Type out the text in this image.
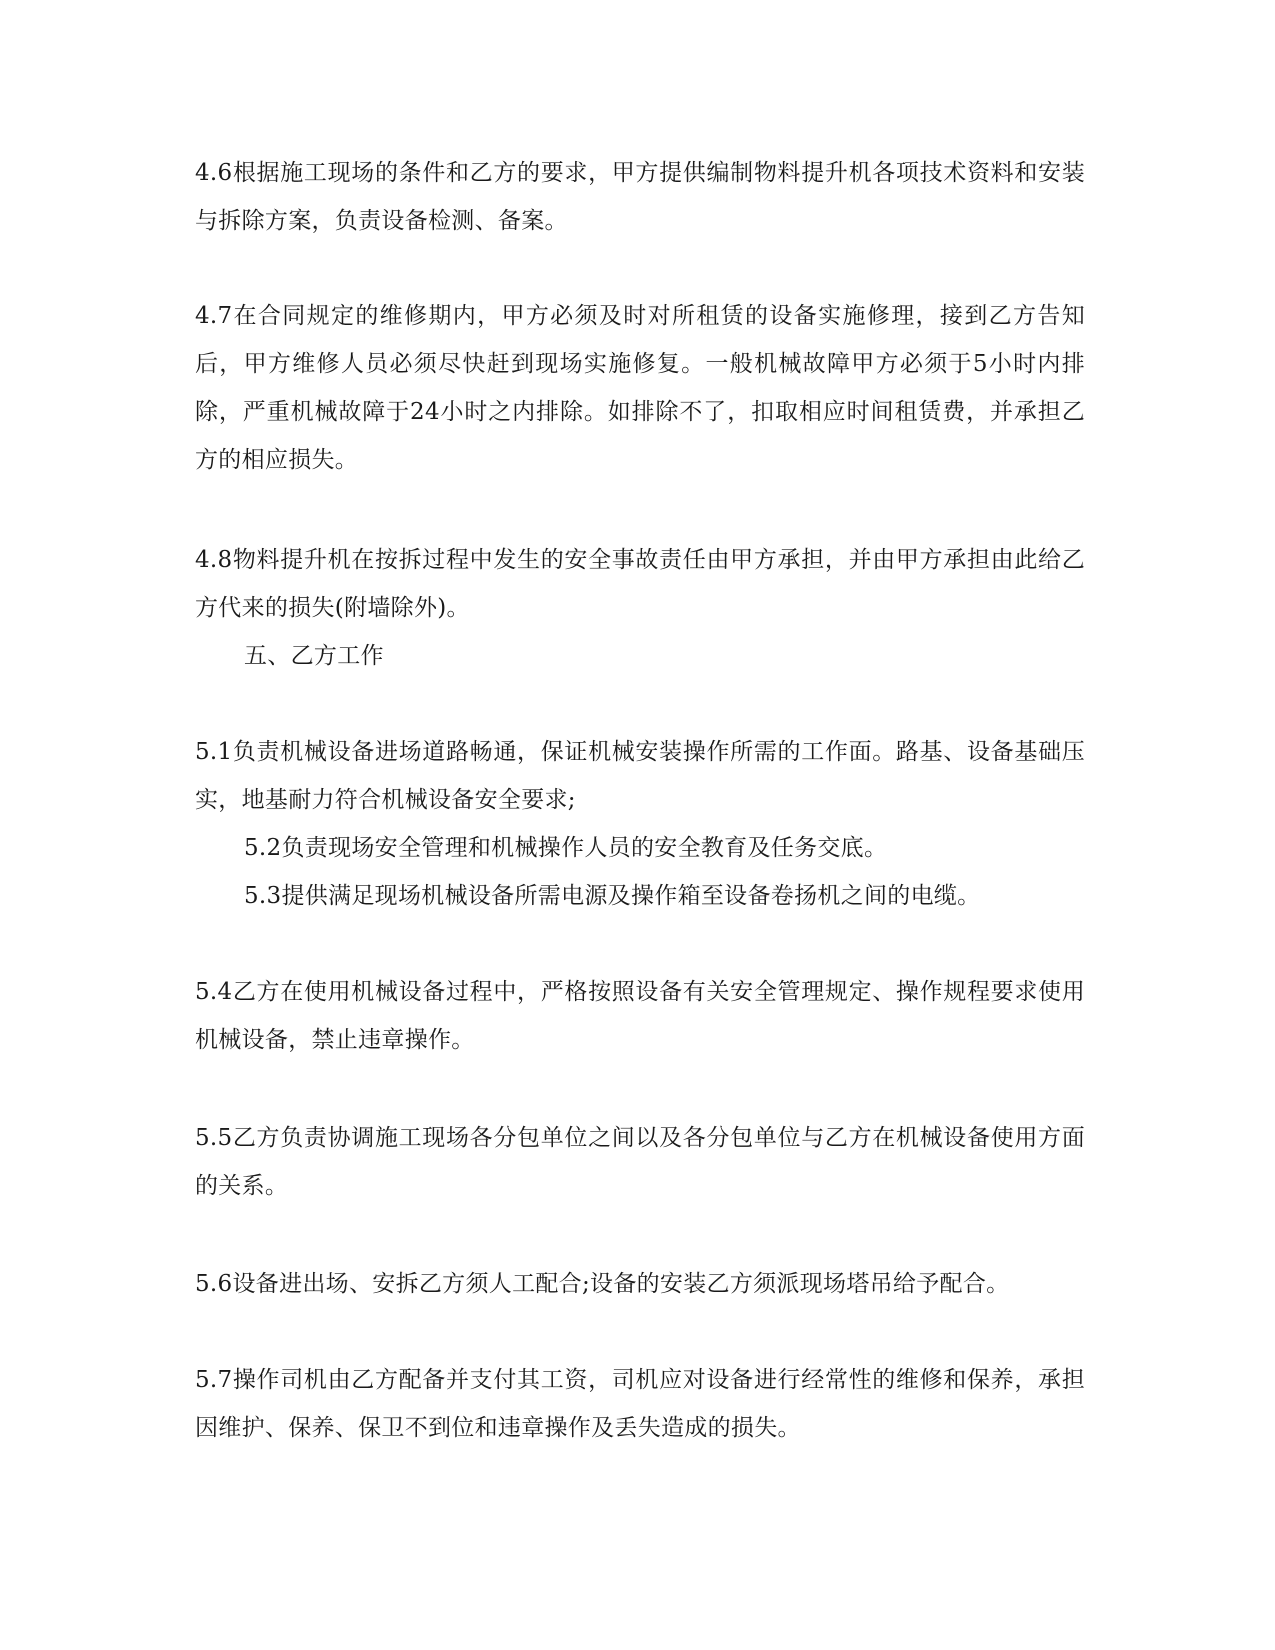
4.6根据施工现场的条件和乙方的要求，甲方提供编制物料提升机各项技术资料和安装与拆除方案，负责设备检测、备案。

4.7在合同规定的维修期内，甲方必须及时对所租赁的设备实施修理，接到乙方告知后，甲方维修人员必须尽快赶到现场实施修复。一般机械故障甲方必须于5小时内排除，严重机械故障于24小时之内排除。如排除不了，扣取相应时间租赁费，并承担乙方的相应损失。

4.8物料提升机在按拆过程中发生的安全事故责任由甲方承担，并由甲方承担由此给乙方代来的损失(附墙除外)。

五、乙方工作

5.1负责机械设备进场道路畅通，保证机械安装操作所需的工作面。路基、设备基础压实，地基耐力符合机械设备安全要求;

5.2负责现场安全管理和机械操作人员的安全教育及任务交底。

5.3提供满足现场机械设备所需电源及操作箱至设备卷扬机之间的电缆。

5.4乙方在使用机械设备过程中，严格按照设备有关安全管理规定、操作规程要求使用机械设备，禁止违章操作。

5.5乙方负责协调施工现场各分包单位之间以及各分包单位与乙方在机械设备使用方面的关系。

5.6设备进出场、安拆乙方须人工配合;设备的安装乙方须派现场塔吊给予配合。

5.7操作司机由乙方配备并支付其工资，司机应对设备进行经常性的维修和保养，承担因维护、保养、保卫不到位和违章操作及丢失造成的损失。
